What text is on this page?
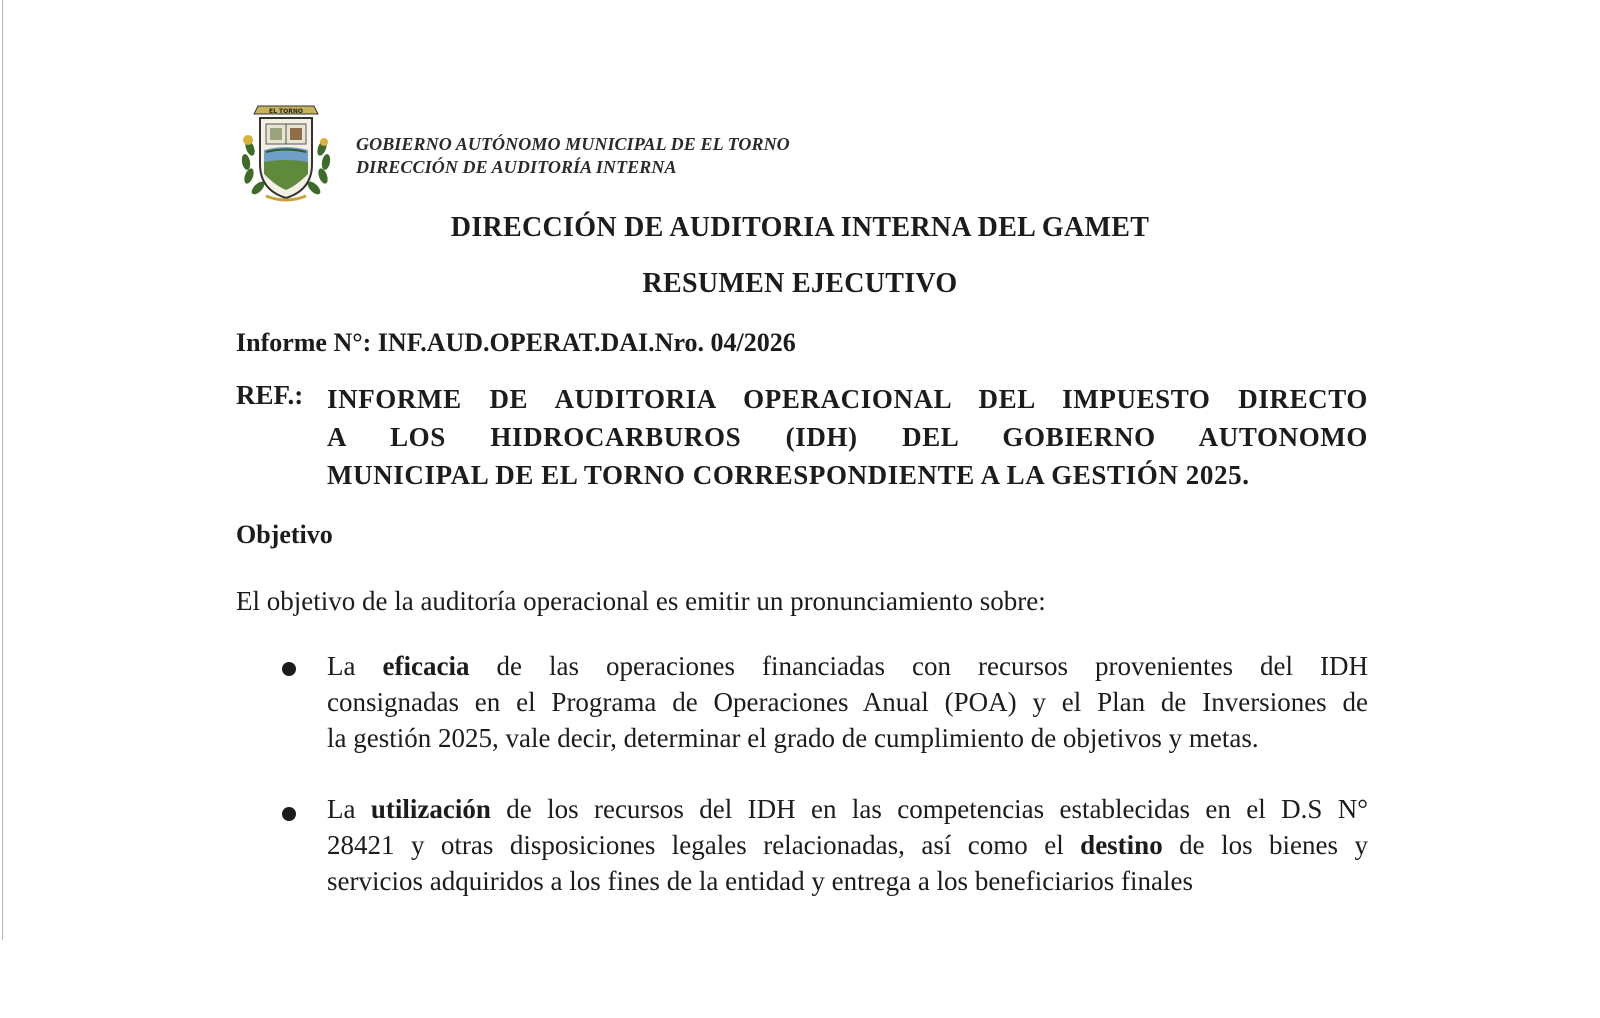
EL TORNO
GOBIERNO AUTÓNOMO MUNICIPAL DE EL TORNO
DIRECCIÓN DE AUDITORÍA INTERNA
DIRECCIÓN DE AUDITORIA INTERNA DEL GAMET
RESUMEN EJECUTIVO
Informe N°: INF.AUD.OPERAT.DAI.Nro. 04/2026
REF.: INFORME DE AUDITORIA OPERACIONAL DEL IMPUESTO DIRECTO
A LOS HIDROCARBUROS (IDH) DEL GOBIERNO AUTONOMO
MUNICIPAL DE EL TORNO CORRESPONDIENTE A LA GESTIÓN 2025.
Objetivo
El objetivo de la auditoría operacional es emitir un pronunciamiento sobre:
La eficacia de las operaciones financiadas con recursos provenientes del IDH
consignadas en el Programa de Operaciones Anual (POA) y el Plan de Inversiones de
la gestión 2025, vale decir, determinar el grado de cumplimiento de objetivos y metas.
La utilización de los recursos del IDH en las competencias establecidas en el D.S N°
28421 y otras disposiciones legales relacionadas, así como el destino de los bienes y
servicios adquiridos a los fines de la entidad y entrega a los beneficiarios finales
